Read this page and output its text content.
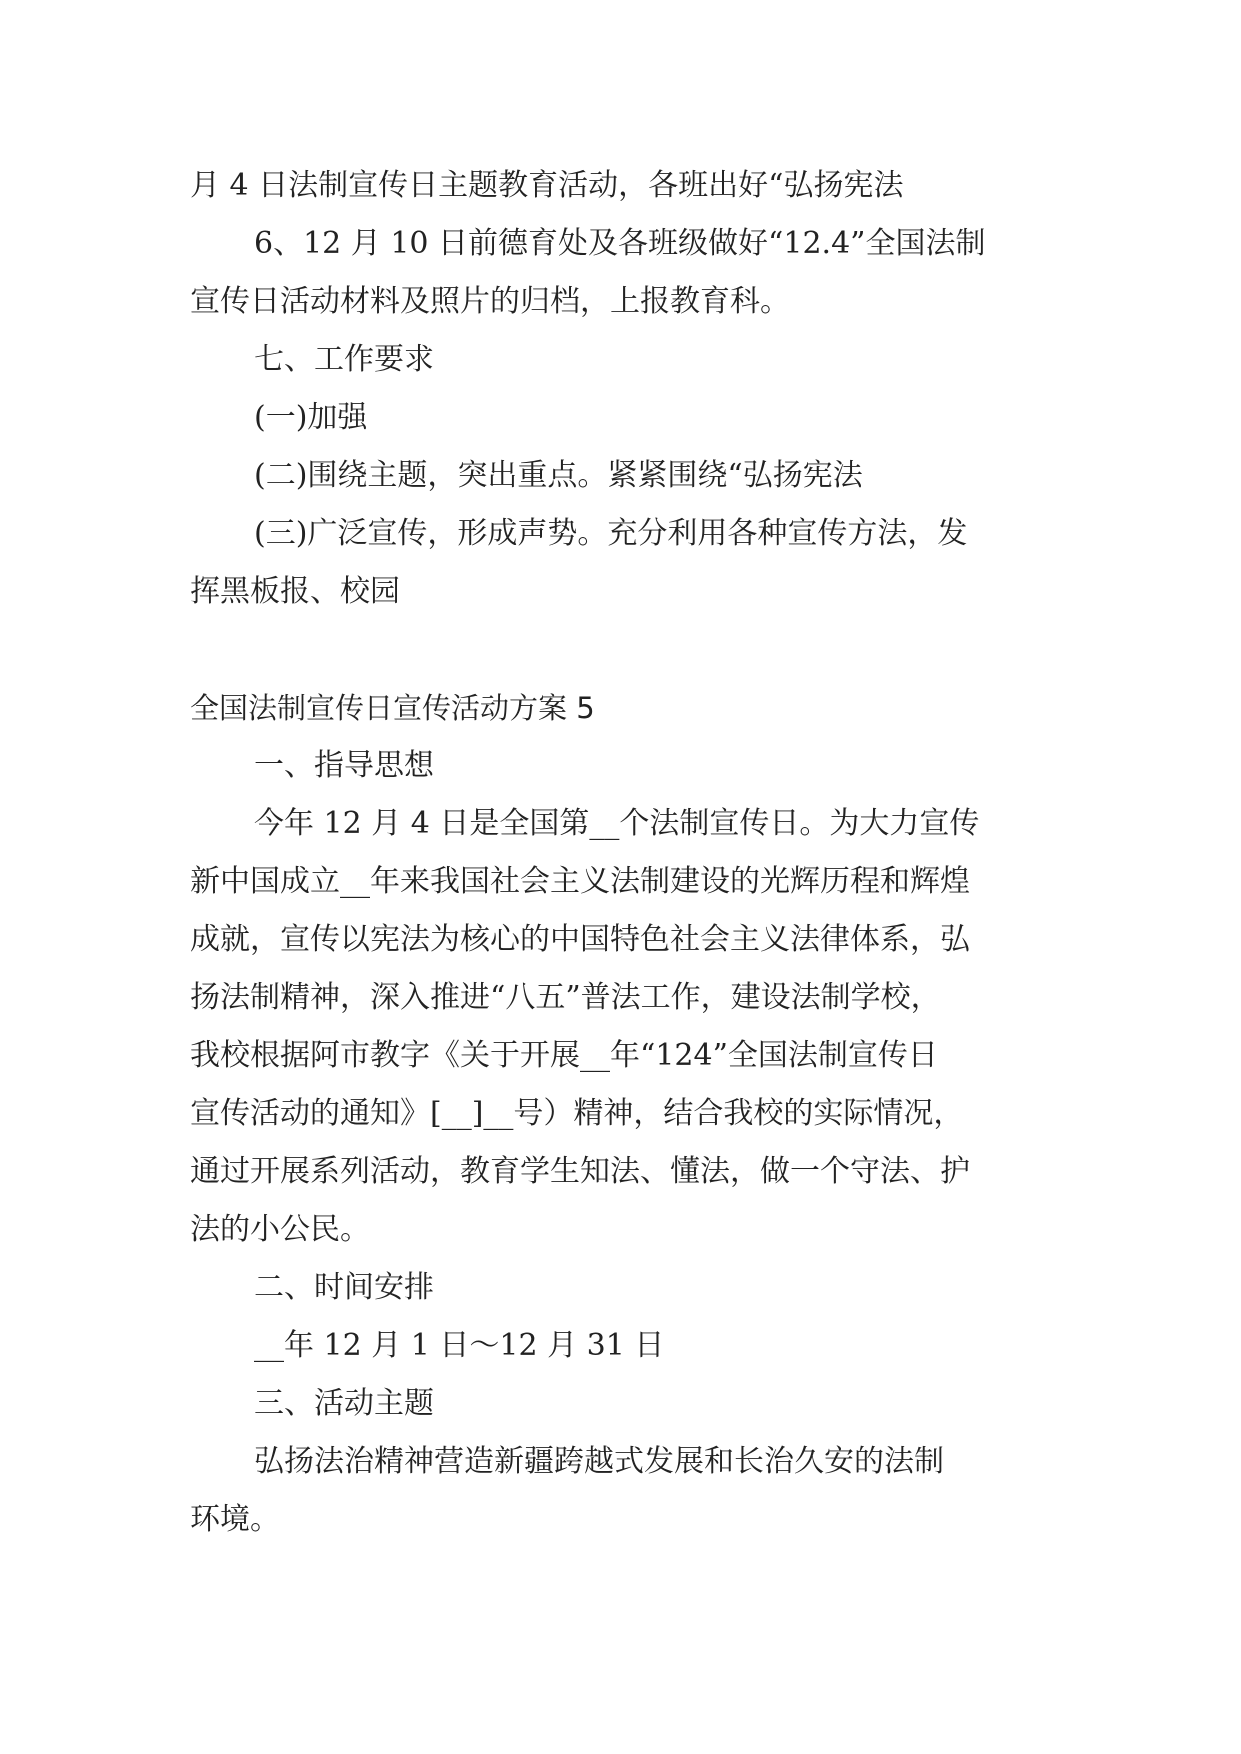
月 4 日法制宣传日主题教育活动，各班出好“弘扬宪法

6、12 月 10 日前德育处及各班级做好“12.4”全国法制

宣传日活动材料及照片的归档，上报教育科。

七、工作要求

(一)加强

(二)围绕主题，突出重点。紧紧围绕“弘扬宪法

(三)广泛宣传，形成声势。充分利用各种宣传方法，发

挥黑板报、校园

全国法制宣传日宣传活动方案 5

一、指导思想

今年 12 月 4 日是全国第__个法制宣传日。为大力宣传

新中国成立__年来我国社会主义法制建设的光辉历程和辉煌

成就，宣传以宪法为核心的中国特色社会主义法律体系，弘

扬法制精神，深入推进“八五”普法工作，建设法制学校，

我校根据阿市教字《关于开展__年“124”全国法制宣传日

宣传活动的通知》[__]__号）精神，结合我校的实际情况，

通过开展系列活动，教育学生知法、懂法，做一个守法、护

法的小公民。

二、时间安排

__年 12 月 1 日～12 月 31 日

三、活动主题

弘扬法治精神营造新疆跨越式发展和长治久安的法制

环境。
